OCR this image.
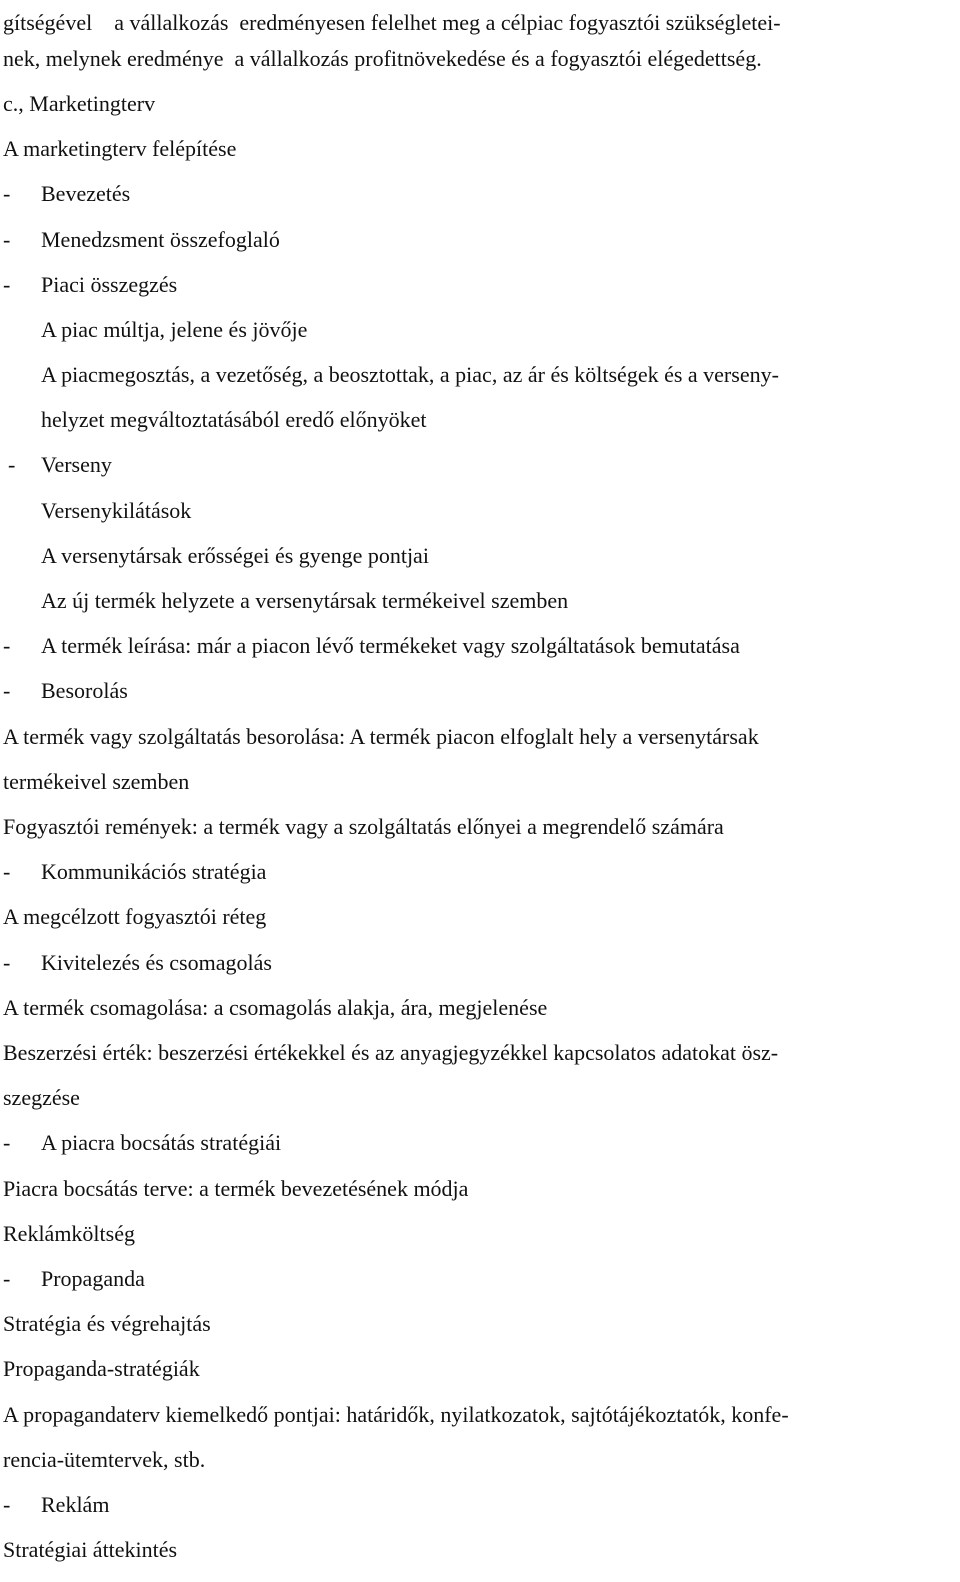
gítségével    a vállalkozás  eredményesen felelhet meg a célpiac fogyasztói szükségletei-
nek, melynek eredménye  a vállalkozás profitnövekedése és a fogyasztói elégedettség.
c., Marketingterv
A marketingterv felépítése
- Bevezetés
- Menedzsment összefoglaló
- Piaci összegzés
A piac múltja, jelene és jövője
A piacmegosztás, a vezetőség, a beosztottak, a piac, az ár és költségek és a verseny-
helyzet megváltoztatásából eredő előnyöket
- Verseny
Versenykilátások
A versenytársak erősségei és gyenge pontjai
Az új termék helyzete a versenytársak termékeivel szemben
- A termék leírása: már a piacon lévő termékeket vagy szolgáltatások bemutatása
- Besorolás
A termék vagy szolgáltatás besorolása: A termék piacon elfoglalt hely a versenytársak
termékeivel szemben
Fogyasztói remények: a termék vagy a szolgáltatás előnyei a megrendelő számára
- Kommunikációs stratégia
A megcélzott fogyasztói réteg
- Kivitelezés és csomagolás
A termék csomagolása: a csomagolás alakja, ára, megjelenése
Beszerzési érték: beszerzési értékekkel és az anyagjegyzékkel kapcsolatos adatokat ösz-
szegzése
- A piacra bocsátás stratégiái
Piacra bocsátás terve: a termék bevezetésének módja
Reklámköltség
- Propaganda
Stratégia és végrehajtás
Propaganda-stratégiák
A propagandaterv kiemelkedő pontjai: határidők, nyilatkozatok, sajtótájékoztatók, konfe-
rencia-ütemtervek, stb.
- Reklám
Stratégiai áttekintés
